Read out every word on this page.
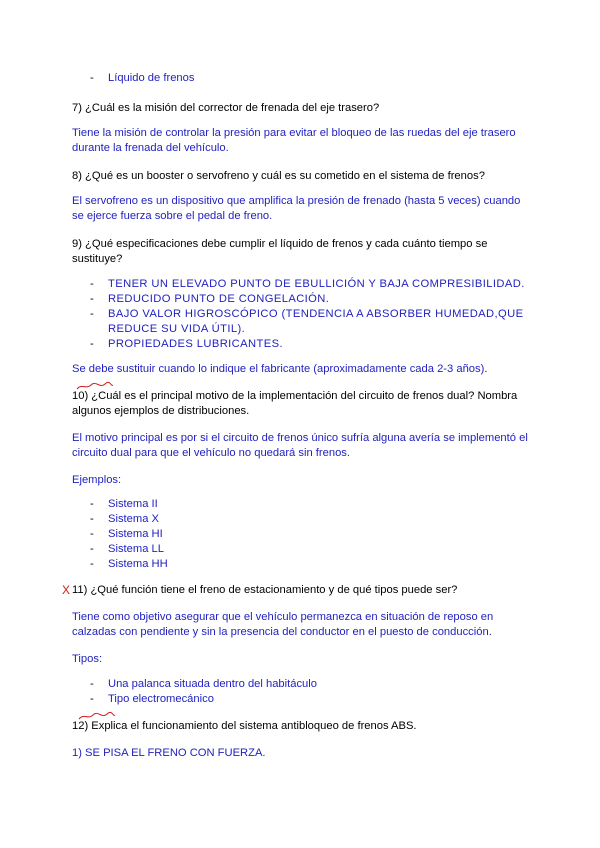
- Líquido de frenos

7) ¿Cuál es la misión del corrector de frenada del eje trasero?

Tiene la misión de controlar la presión para evitar el bloqueo de las ruedas del eje trasero durante la frenada del vehículo.

8) ¿Qué es un booster o servofreno y cuál es su cometido en el sistema de frenos?

El servofreno es un dispositivo que amplifica la presión de frenado (hasta 5 veces) cuando se ejerce fuerza sobre el pedal de freno.

9) ¿Qué especificaciones debe cumplir el líquido de frenos y cada cuánto tiempo se sustituye?

- TENER UN ELEVADO PUNTO DE EBULLICIÓN Y BAJA COMPRESIBILIDAD.
- REDUCIDO PUNTO DE CONGELACIÓN.
- BAJO VALOR HIGROSCÓPICO (TENDENCIA A ABSORBER HUMEDAD,QUE REDUCE SU VIDA ÚTIL).
- PROPIEDADES LUBRICANTES.

Se debe sustituir cuando lo indique el fabricante (aproximadamente cada 2-3 años).

10) ¿Cuál es el principal motivo de la implementación del circuito de frenos dual? Nombra algunos ejemplos de distribuciones.

El motivo principal es por si el circuito de frenos único sufría alguna avería se implementó el circuito dual para que el vehículo no quedará sin frenos.

Ejemplos:

- Sistema II
- Sistema X
- Sistema HI
- Sistema LL
- Sistema HH
X 11) ¿Qué función tiene el freno de estacionamiento y de qué tipos puede ser?

Tiene como objetivo asegurar que el vehículo permanezca en situación de reposo en calzadas con pendiente y sin la presencia del conductor en el puesto de conducción.

Tipos:

- Una palanca situada dentro del habitáculo
- Tipo electromecánico

12) Explica el funcionamiento del sistema antibloqueo de frenos ABS.

1) SE PISA EL FRENO CON FUERZA.
